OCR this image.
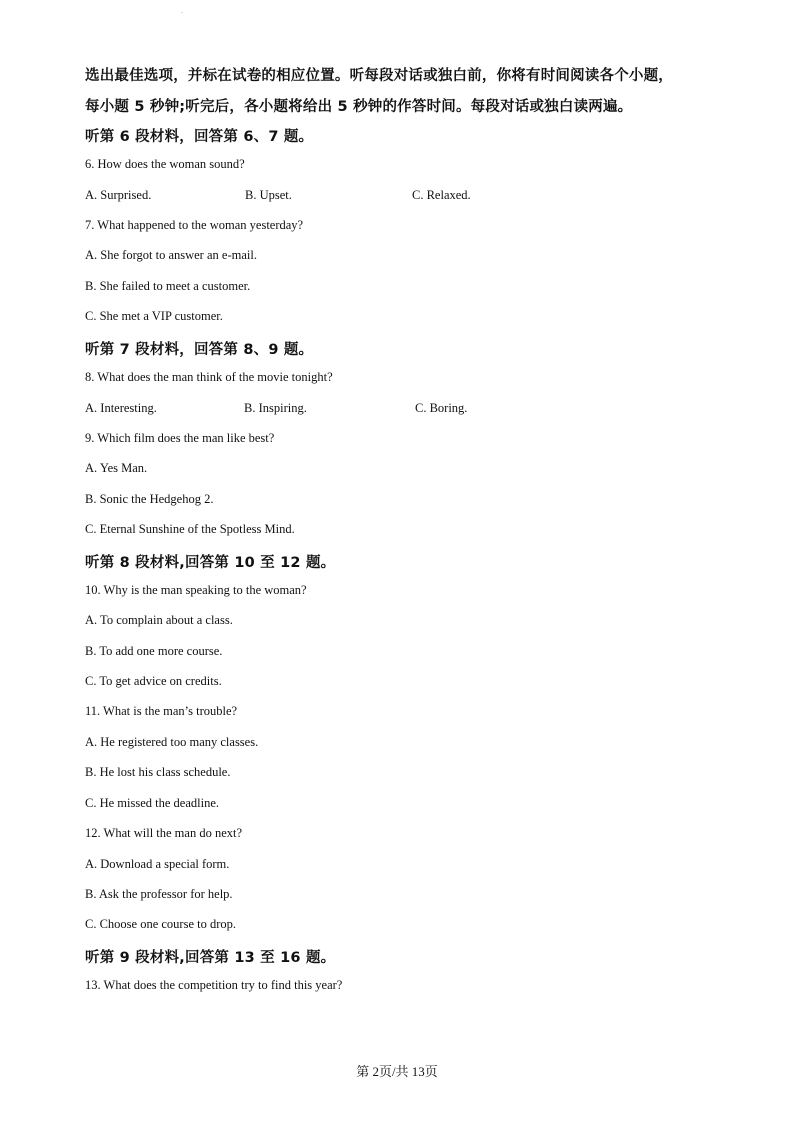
·
选出最佳选项，并标在试卷的相应位置。听每段对话或独白前，你将有时间阅读各个小题，
每小题 5 秒钟;听完后，各小题将给出 5 秒钟的作答时间。每段对话或独白读两遍。
听第 6 段材料，回答第 6、7 题。
6. How does the woman sound?
A. Surprised.	B. Upset.	C. Relaxed.
7. What happened to the woman yesterday?
A. She forgot to answer an e-mail.
B. She failed to meet a customer.
C. She met a VIP customer.
听第 7 段材料，回答第 8、9 题。
8. What does the man think of the movie tonight?
A. Interesting.	B. Inspiring.	C. Boring.
9. Which film does the man like best?
A. Yes Man.
B. Sonic the Hedgehog 2.
C. Eternal Sunshine of the Spotless Mind.
听第 8 段材料,回答第 10 至 12 题。
10. Why is the man speaking to the woman?
A. To complain about a class.
B. To add one more course.
C. To get advice on credits.
11. What is the man’s trouble?
A. He registered too many classes.
B. He lost his class schedule.
C. He missed the deadline.
12. What will the man do next?
A. Download a special form.
B. Ask the professor for help.
C. Choose one course to drop.
听第 9 段材料,回答第 13 至 16 题。
13. What does the competition try to find this year?
第 2页/共 13页
